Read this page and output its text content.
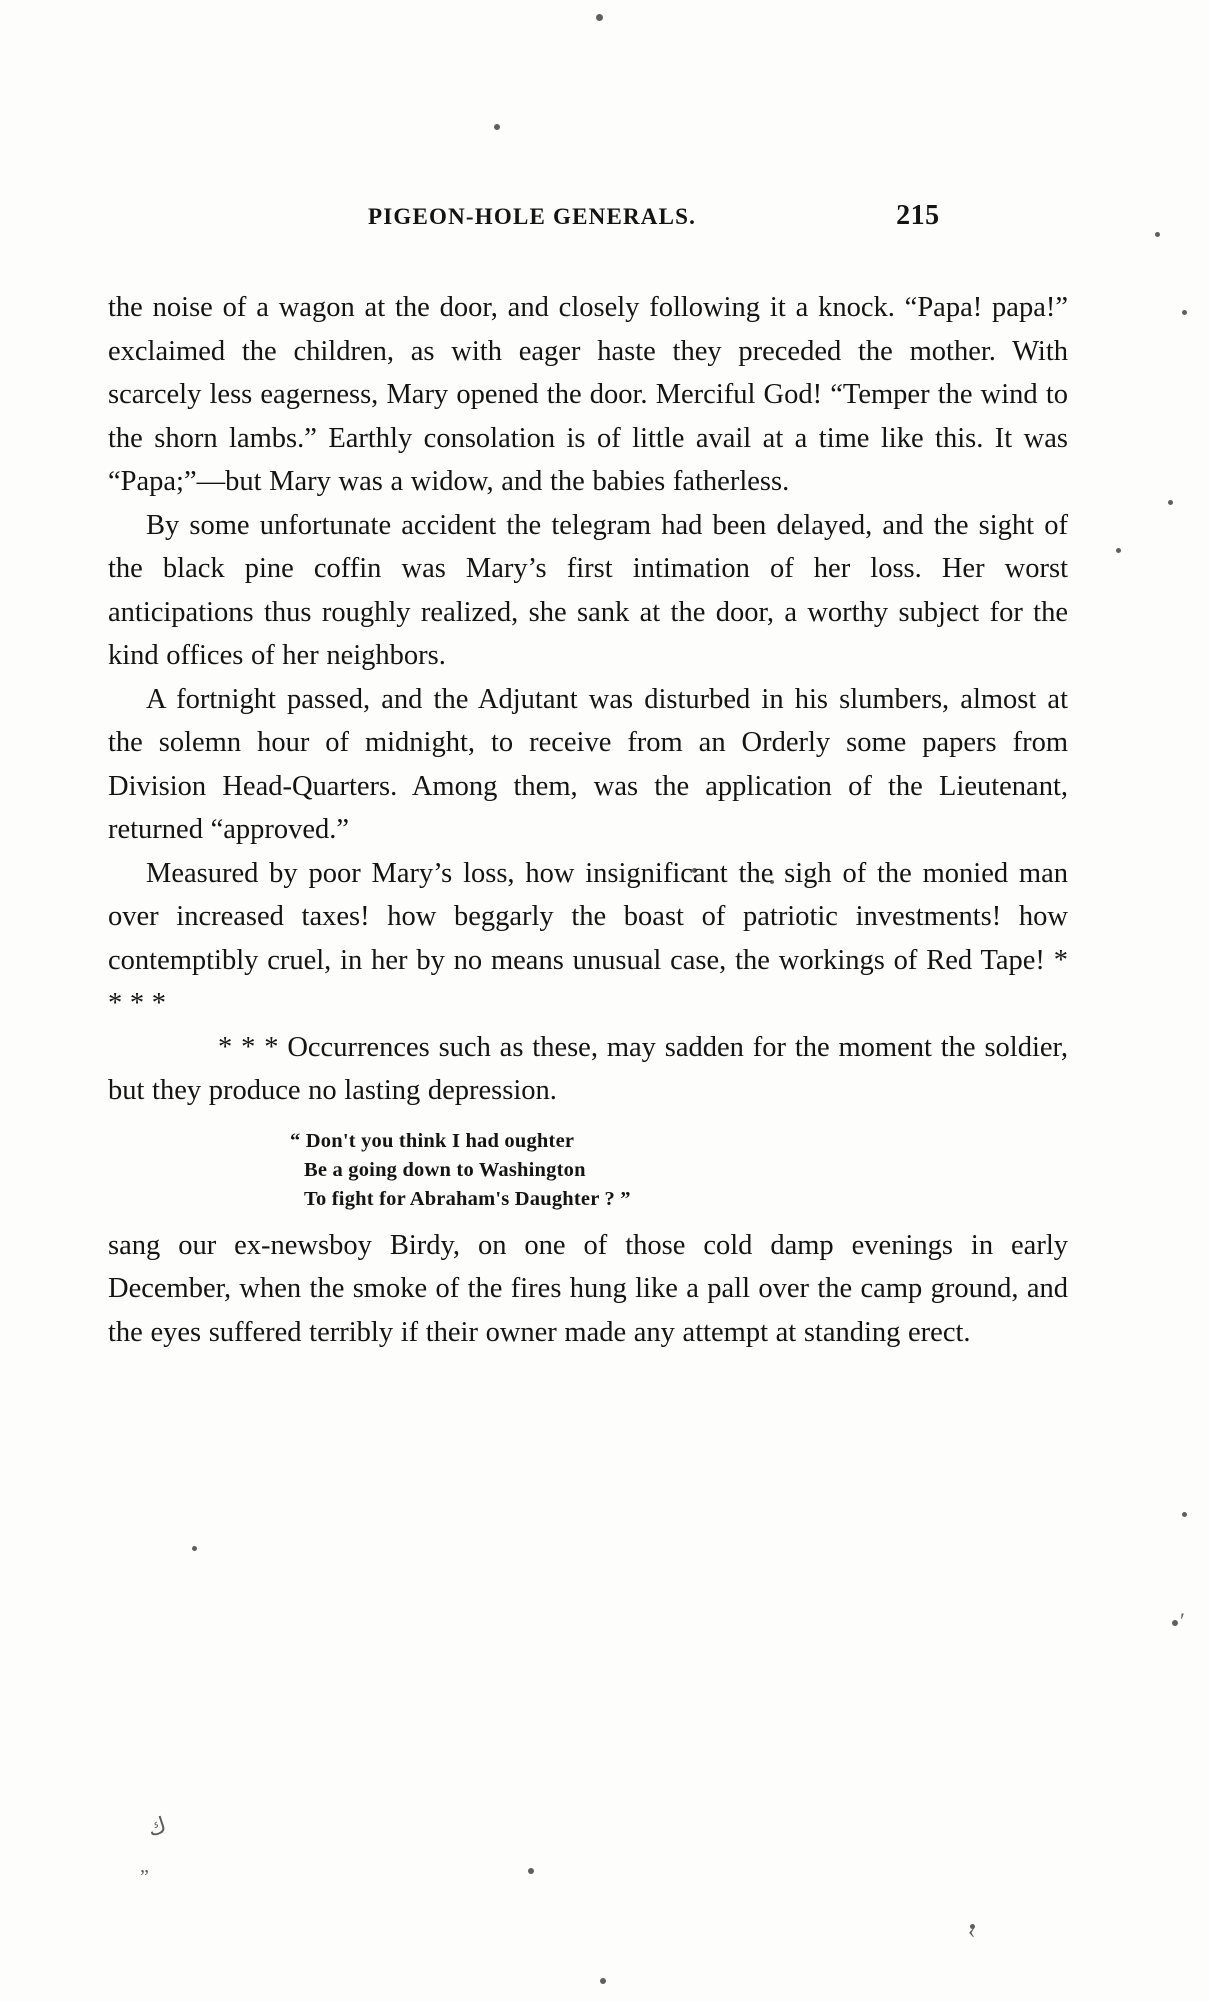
ك
„
′
‹
PIGEON-HOLE GENERALS.	215

the noise of a wagon at the door, and closely following it a knock. “Papa! papa!” exclaimed the children, as with eager haste they preceded the mother. With scarcely less eagerness, Mary opened the door. Merciful God! “Temper the wind to the shorn lambs.” Earthly consolation is of little avail at a time like this. It was “Papa;”—but Mary was a widow, and the babies fatherless.

By some unfortunate accident the telegram had been delayed, and the sight of the black pine coffin was Mary’s first intimation of her loss. Her worst anticipations thus roughly realized, she sank at the door, a worthy subject for the kind offices of her neighbors.

A fortnight passed, and the Adjutant was disturbed in his slumbers, almost at the solemn hour of midnight, to receive from an Orderly some papers from Division Head-Quarters. Among them, was the application of the Lieutenant, returned “approved.”

Measured by poor Mary’s loss, how insignificant the sigh of the monied man over increased taxes! how beggarly the boast of patriotic investments! how contemptibly cruel, in her by no means unusual case, the workings of Red Tape! * * * *

* * * Occurrences such as these, may sadden for the moment the soldier, but they produce no lasting depression.

“ Don't you think I had oughter
Be a going down to Washington
To fight for Abraham's Daughter ? ”

sang our ex-newsboy Birdy, on one of those cold damp evenings in early December, when the smoke of the fires hung like a pall over the camp ground, and the eyes suffered terribly if their owner made any attempt at standing erect.
